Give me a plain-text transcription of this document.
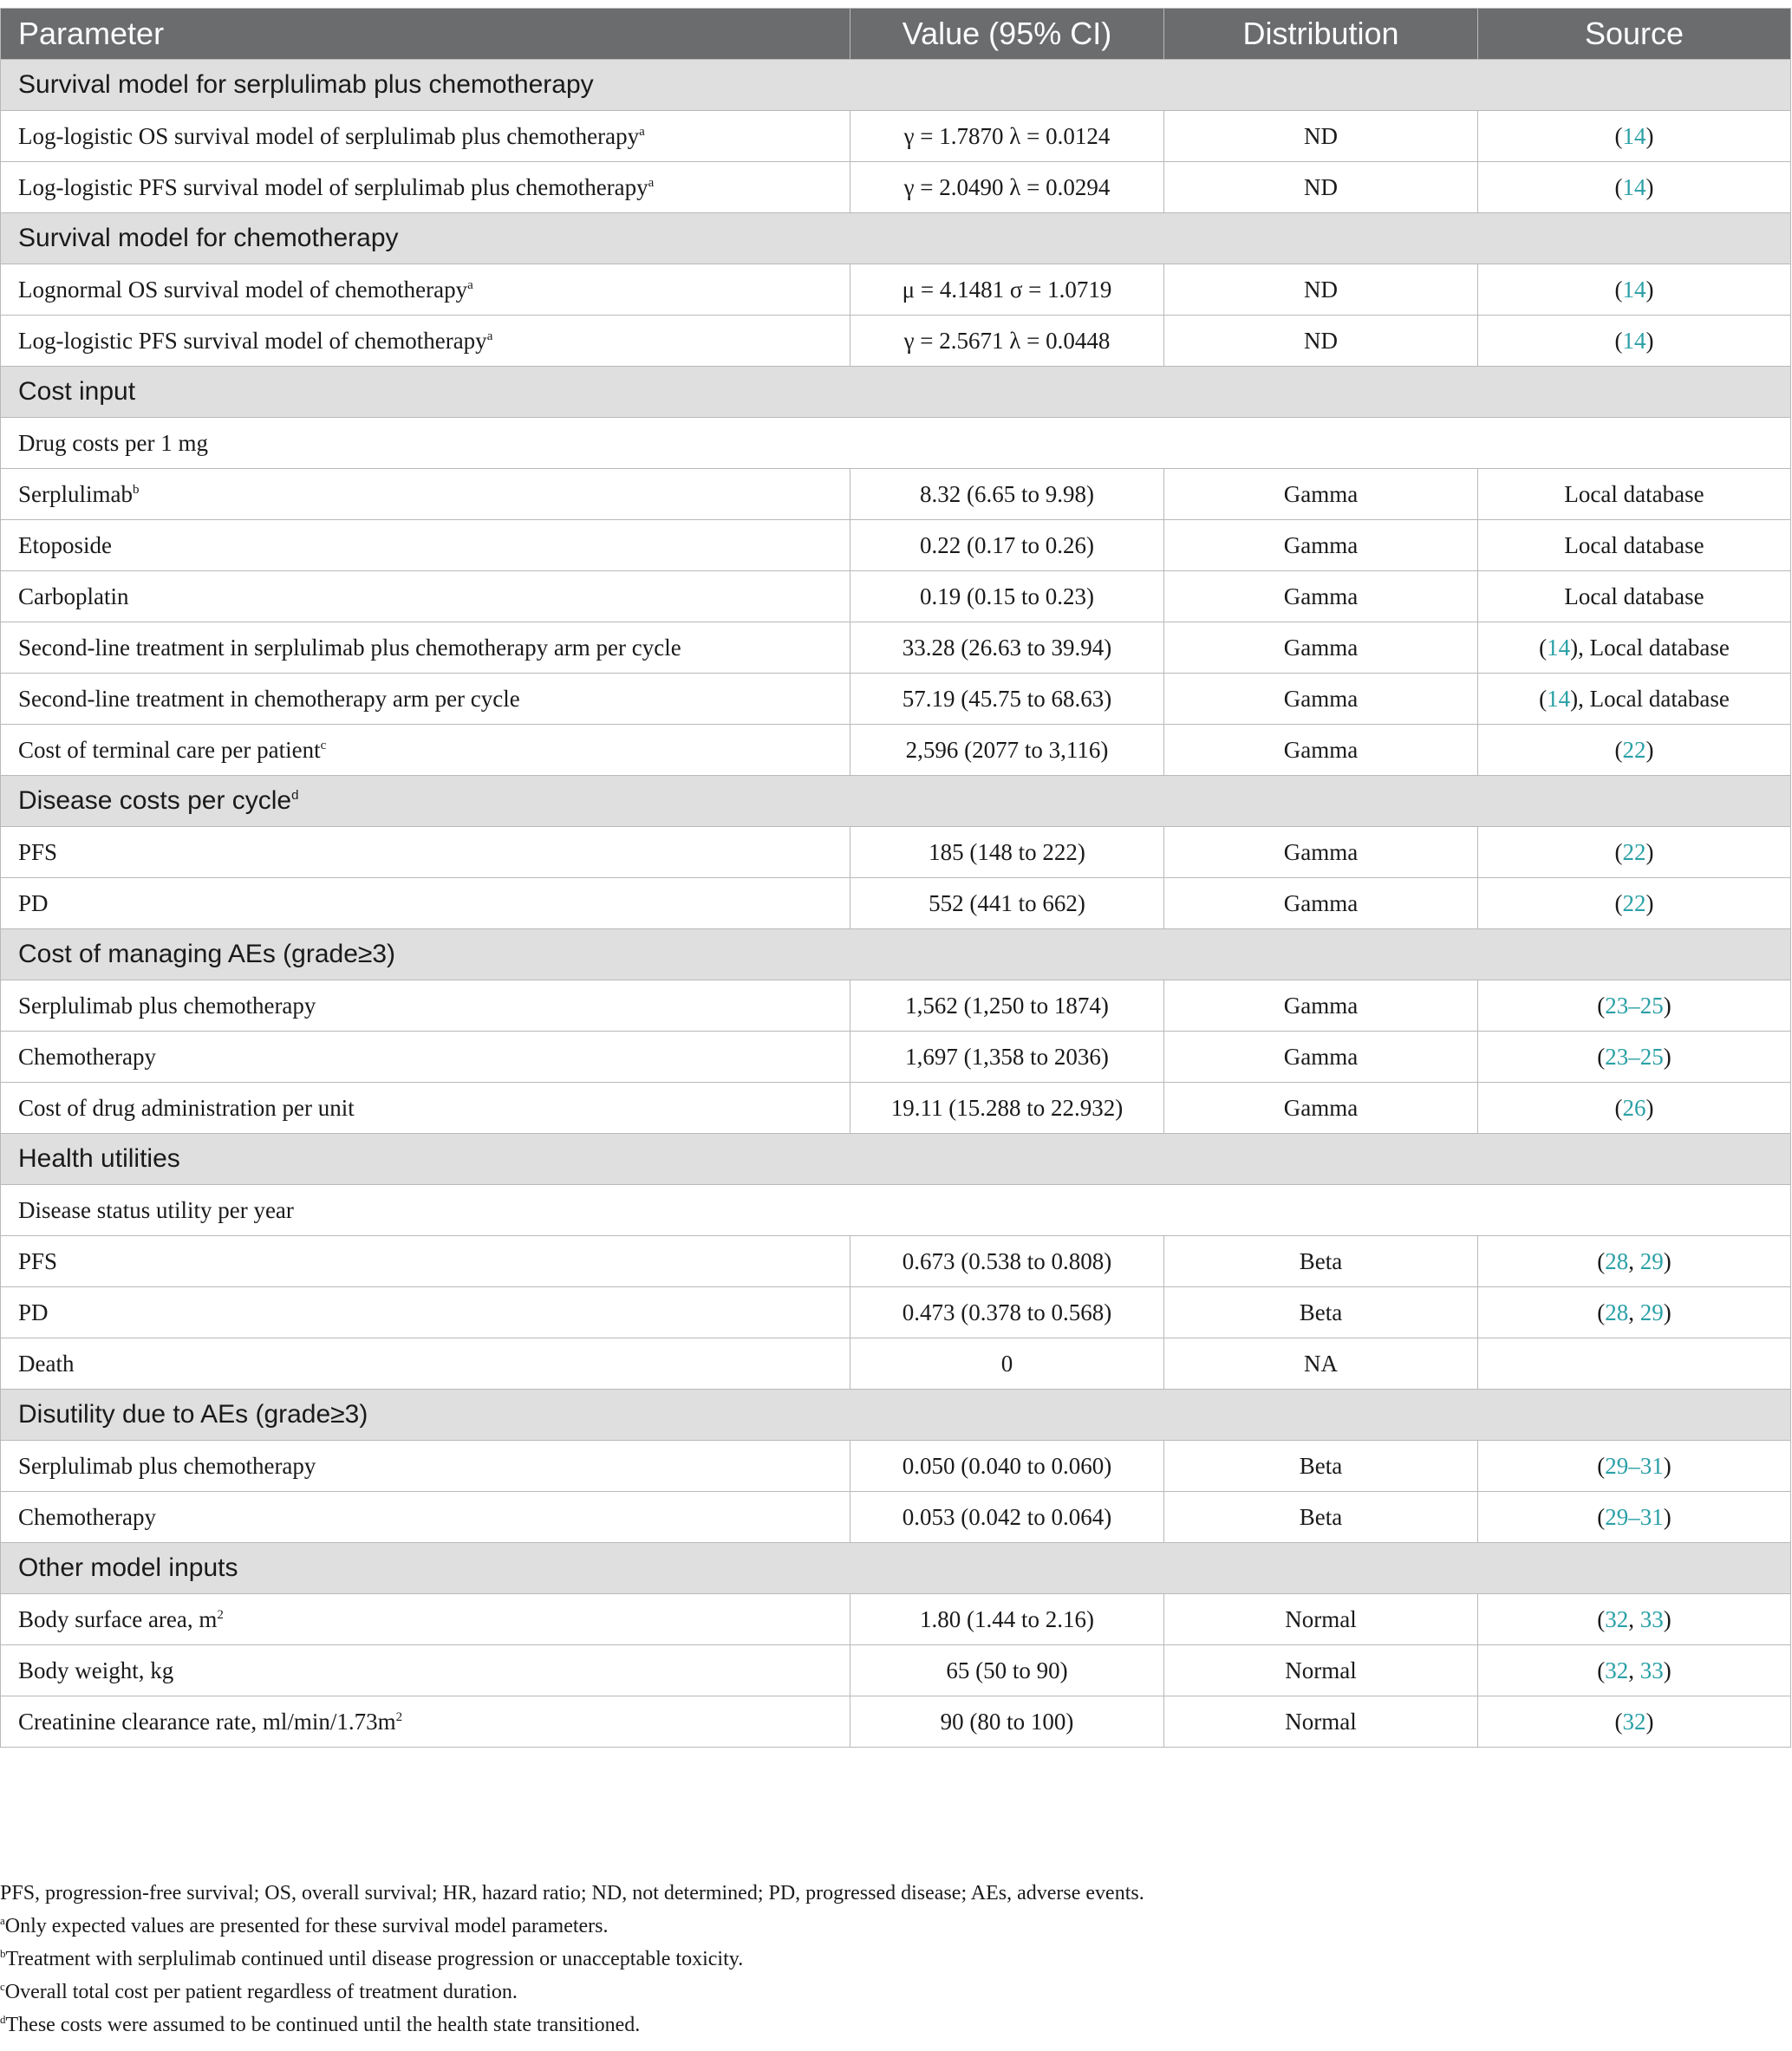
Parameter	Value (95% CI)	Distribution	Source
Survival model for serplulimab plus chemotherapy			
Log-logistic OS survival model of serplulimab plus chemotherapy$^a$	γ = 1.7870 λ = 0.0124	ND	(14)
Log-logistic PFS survival model of serplulimab plus chemotherapy$^a$	γ = 2.0490 λ = 0.0294	ND	(14)
Survival model for chemotherapy			
Lognormal OS survival model of chemotherapy$^a$	μ = 4.1481 σ = 1.0719	ND	(14)
Log-logistic PFS survival model of chemotherapy$^a$	γ = 2.5671 λ = 0.0448	ND	(14)
Cost input			
Drug costs per 1 mg			
Serplulimab$^b$	8.32 (6.65 to 9.98)	Gamma	Local database
Etoposide	0.22 (0.17 to 0.26)	Gamma	Local database
Carboplatin	0.19 (0.15 to 0.23)	Gamma	Local database
Second-line treatment in serplulimab plus chemotherapy arm per cycle	33.28 (26.63 to 39.94)	Gamma	(14), Local database
Second-line treatment in chemotherapy arm per cycle	57.19 (45.75 to 68.63)	Gamma	(14), Local database
Cost of terminal care per patient$^c$	2,596 (2077 to 3,116)	Gamma	(22)
Disease costs per cycle$^d$
PFS	185 (148 to 222)	Gamma	(22)
PD	552 (441 to 662)	Gamma	(22)
Cost of managing AEs (grade≥3)			
Serplulimab plus chemotherapy	1,562 (1,250 to 1874)	Gamma	(23–25)
Chemotherapy	1,697 (1,358 to 2036)	Gamma	(23–25)
Cost of drug administration per unit	19.11 (15.288 to 22.932)	Gamma	(26)
Health utilities			
Disease status utility per year			
PFS	0.673 (0.538 to 0.808)	Beta	(28, 29)
PD	0.473 (0.378 to 0.568)	Beta	(28, 29)
Death	0	NA	
Disutility due to AEs (grade≥3)			
Serplulimab plus chemotherapy	0.050 (0.040 to 0.060)	Beta	(29–31)
Chemotherapy	0.053 (0.042 to 0.064)	Beta	(29–31)
Other model inputs			
Body surface area, $m^2$	1.80 (1.44 to 2.16)	Normal	(32, 33)
Body weight, kg	65 (50 to 90)	Normal	(32, 33)
Creatinine clearance rate, $ml/\min/1.73m^2$	90 (80 to 100)	Normal	(32)
PFS, progression-free survival; OS, overall survival; HR, hazard ratio; ND, not determined; PD, progressed disease; AEs, adverse events.
$^a$Only expected values are presented for these survival model parameters.
$^b$Treatment with serplulimab continued until disease progression or unacceptable toxicity.
$^c$Overall total cost per patient regardless of treatment duration.
$^d$These costs were assumed to be continued until the health state transitioned.
